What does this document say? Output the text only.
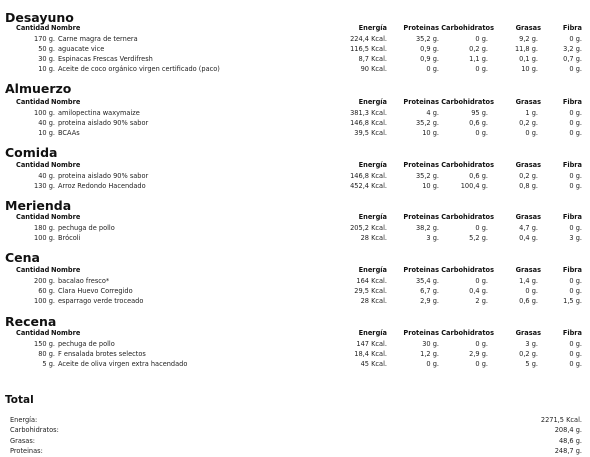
Desayuno
Cantidad Nombre	Energía Proteinas Carbohidratos	Grasas	Fibra
170 g. Carne magra de ternera	224,4 Kcal.	35,2 g.	0 g.	9,2 g.	0 g.
50 g. aguacate vice	116,5 Kcal.	0,9 g.	0,2 g.	11,8 g.	3,2 g.
30 g. Espinacas Frescas Verdifresh	8,7 Kcal.	0,9 g.	1,1 g.	0,1 g.	0,7 g.
10 g. Aceite de coco orgánico virgen certificado (paco)	90 Kcal.	0 g.	0 g.	10 g.	0 g.
Almuerzo
Cantidad Nombre	Energía Proteinas Carbohidratos	Grasas	Fibra
100 g. amilopectina waxymaize	381,3 Kcal.	4 g.	95 g.	1 g.	0 g.
40 g. proteina aislado 90% sabor	146,8 Kcal.	35,2 g.	0,6 g.	0,2 g.	0 g.
10 g. BCAAs	39,5 Kcal.	10 g.	0 g.	0 g.	0 g.
Comida
Cantidad Nombre	Energía Proteinas Carbohidratos	Grasas	Fibra
40 g. proteina aislado 90% sabor	146,8 Kcal.	35,2 g.	0,6 g.	0,2 g.	0 g.
130 g. Arroz Redondo Hacendado	452,4 Kcal.	10 g.	100,4 g.	0,8 g.	0 g.
Merienda
Cantidad Nombre	Energía Proteinas Carbohidratos	Grasas	Fibra
180 g. pechuga de pollo	205,2 Kcal.	38,2 g.	0 g.	4,7 g.	0 g.
100 g. Brócoli	28 Kcal.	3 g.	5,2 g.	0,4 g.	3 g.
Cena
Cantidad Nombre	Energía Proteinas Carbohidratos	Grasas	Fibra
200 g. bacalao fresco*	164 Kcal.	35,4 g.	0 g.	1,4 g.	0 g.
60 g. Clara Huevo Corregido	29,5 Kcal.	6,7 g.	0,4 g.	0 g.	0 g.
100 g. esparrago verde troceado	28 Kcal.	2,9 g.	2 g.	0,6 g.	1,5 g.
Recena
Cantidad Nombre	Energía Proteinas Carbohidratos	Grasas	Fibra
150 g. pechuga de pollo	147 Kcal.	30 g.	0 g.	3 g.	0 g.
80 g. F ensalada brotes selectos	18,4 Kcal.	1,2 g.	2,9 g.	0,2 g.	0 g.
5 g. Aceite de oliva virgen extra hacendado	45 Kcal.	0 g.	0 g.	5 g.	0 g.
Total
Energía:	2271,5 Kcal.
Carbohidratos:	208,4 g.
Grasas:	48,6 g.
Proteinas:	248,7 g.
